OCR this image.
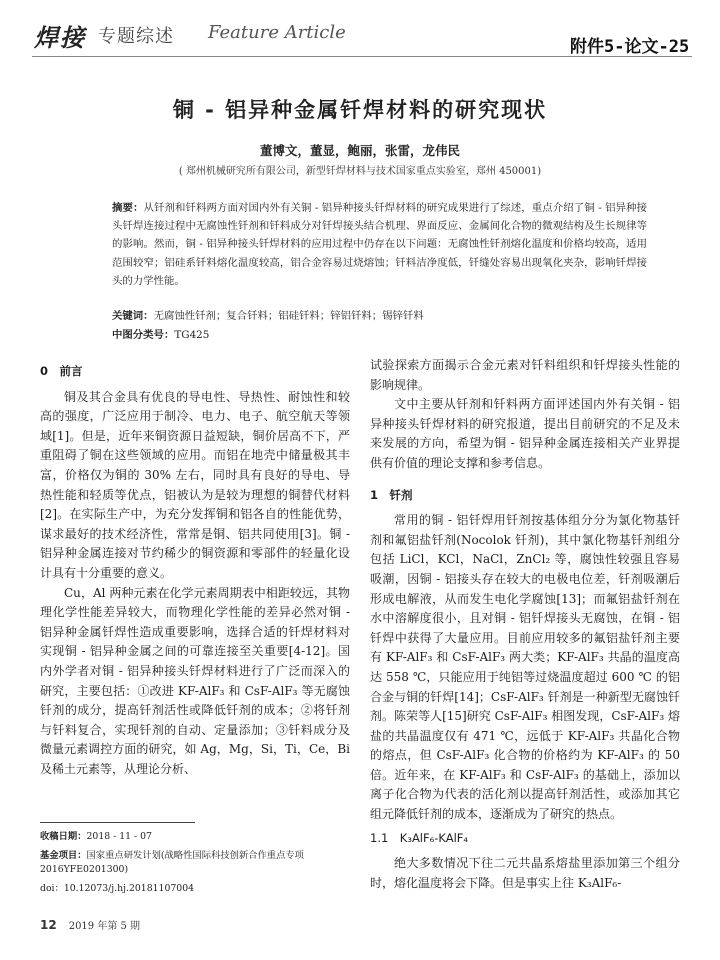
焊接 专题综述 Feature Article
附件5-论文-25
铜 - 铝异种金属钎焊材料的研究现状
董博文，董显，鲍丽，张雷，龙伟民
( 郑州机械研究所有限公司，新型钎焊材料与技术国家重点实验室，郑州 450001)
摘要：从钎剂和钎料两方面对国内外有关铜 - 铝异种接头钎焊材料的研究成果进行了综述，重点介绍了铜 - 铝异种接头钎焊连接过程中无腐蚀性钎剂和钎料成分对钎焊接头结合机理、界面反应、金属间化合物的微观结构及生长规律等的影响。然而，铜 - 铝异种接头钎焊材料的应用过程中仍存在以下问题：无腐蚀性钎剂熔化温度和价格均较高，适用范围较窄；铝硅系钎料熔化温度较高，铝合金容易过烧熔蚀；钎料洁净度低，钎缝处容易出现氧化夹杂，影响钎焊接头的力学性能。
关键词：无腐蚀性钎剂；复合钎料；铝硅钎料；锌铝钎料；锡锌钎料
中图分类号：TG425
0　前言

铜及其合金具有优良的导电性、导热性、耐蚀性和较高的强度，广泛应用于制冷、电力、电子、航空航天等领域[1]。但是，近年来铜资源日益短缺，铜价居高不下，严重阻碍了铜在这些领域的应用。而铝在地壳中储量极其丰富，价格仅为铜的 30% 左右，同时具有良好的导电、导热性能和轻质等优点，铝被认为是较为理想的铜替代材料[2]。在实际生产中，为充分发挥铜和铝各自的性能优势，谋求最好的技术经济性，常常是铜、铝共同使用[3]。铜 - 铝异种金属连接对节约稀少的铜资源和零部件的轻量化设计具有十分重要的意义。

Cu，Al 两种元素在化学元素周期表中相距较远，其物理化学性能差异较大，而物理化学性能的差异必然对铜 - 铝异种金属钎焊性造成重要影响，选择合适的钎焊材料对实现铜 - 铝异种金属之间的可靠连接至关重要[4-12]。国内外学者对铜 - 铝异种接头钎焊材料进行了广泛而深入的研究，主要包括：①改进 KF-AlF₃ 和 CsF-AlF₃ 等无腐蚀钎剂的成分，提高钎剂活性或降低钎剂的成本；②将钎剂与钎料复合，实现钎剂的自动、定量添加；③钎料成分及微量元素调控方面的研究，如 Ag，Mg，Si，Ti，Ce，Bi 及稀土元素等，从理论分析、

试验探索方面揭示合金元素对钎料组织和钎焊接头性能的影响规律。

文中主要从钎剂和钎料两方面评述国内外有关铜 - 铝异种接头钎焊材料的研究报道，提出目前研究的不足及未来发展的方向，希望为铜 - 铝异种金属连接相关产业界提供有价值的理论支撑和参考信息。

1　钎剂

常用的铜 - 铝钎焊用钎剂按基体组分分为氯化物基钎剂和氟铝盐钎剂(Nocolok 钎剂)，其中氯化物基钎剂组分包括 LiCl，KCl，NaCl，ZnCl₂ 等，腐蚀性较强且容易吸潮，因铜 - 铝接头存在较大的电极电位差，钎剂吸潮后形成电解液，从而发生电化学腐蚀[13]；而氟铝盐钎剂在水中溶解度很小，且对铜 - 铝钎焊接头无腐蚀，在铜 - 铝钎焊中获得了大量应用。目前应用较多的氟铝盐钎剂主要有 KF-AlF₃ 和 CsF-AlF₃ 两大类；KF-AlF₃ 共晶的温度高达 558 ℃，只能应用于纯铝等过烧温度超过 600 ℃ 的铝合金与铜的钎焊[14]；CsF-AlF₃ 钎剂是一种新型无腐蚀钎剂。陈荣等人[15]研究 CsF-AlF₃ 相图发现，CsF-AlF₃ 熔盐的共晶温度仅有 471 ℃，远低于 KF-AlF₃ 共晶化合物的熔点，但 CsF-AlF₃ 化合物的价格约为 KF-AlF₃ 的 50 倍。近年来，在 KF-AlF₃ 和 CsF-AlF₃ 的基础上，添加以离子化合物为代表的活化剂以提高钎剂活性，或添加其它组元降低钎剂的成本，逐渐成为了研究的热点。

1.1　K₃AlF₆-KAlF₄

绝大多数情况下往二元共晶系熔盐里添加第三个组分时，熔化温度将会下降。但是事实上往 K₃AlF₆-

收稿日期：2018 - 11 - 07
基金项目：国家重点研发计划(战略性国际科技创新合作重点专项 2016YFE0201300)
doi：10.12073/j.hj.20181107004
12 2019 年第 5 期
